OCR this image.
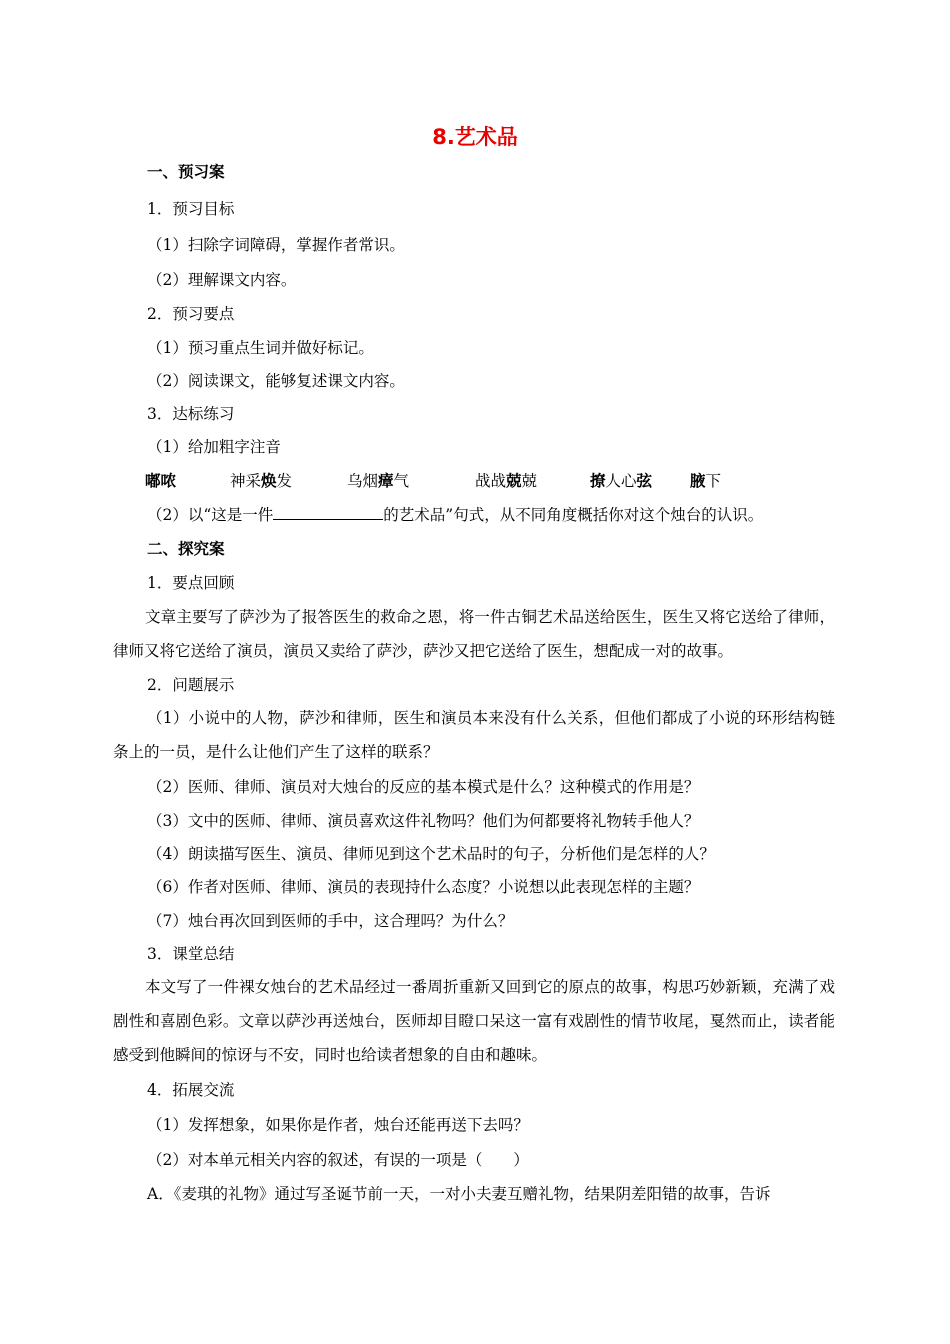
8.艺术品
一、预习案
1．预习目标
（1）扫除字词障碍，掌握作者常识。
（2）理解课文内容。
2．预习要点
（1）预习重点生词并做好标记。
（2）阅读课文，能够复述课文内容。
3．达标练习
（1）给加粗字注音
嘟哝	神采焕发	乌烟瘴气	战战兢兢	撩人心弦 腋下
（2）以“这是一件	的艺术品”句式，从不同角度概括你对这个烛台的认识。
二、探究案
1．要点回顾
文章主要写了萨沙为了报答医生的救命之恩，将一件古铜艺术品送给医生，医生又将它送给了律师，律师又将它送给了演员，演员又卖给了萨沙，萨沙又把它送给了医生，想配成一对的故事。
2．问题展示
（1）小说中的人物，萨沙和律师，医生和演员本来没有什么关系，但他们都成了小说的环形结构链条上的一员，是什么让他们产生了这样的联系？
（2）医师、律师、演员对大烛台的反应的基本模式是什么？这种模式的作用是？
（3）文中的医师、律师、演员喜欢这件礼物吗？他们为何都要将礼物转手他人？
（4）朗读描写医生、演员、律师见到这个艺术品时的句子，分析他们是怎样的人？
（6）作者对医师、律师、演员的表现持什么态度？小说想以此表现怎样的主题？
（7）烛台再次回到医师的手中，这合理吗？为什么？
3．课堂总结
本文写了一件裸女烛台的艺术品经过一番周折重新又回到它的原点的故事，构思巧妙新颖，充满了戏剧性和喜剧色彩。文章以萨沙再送烛台，医师却目瞪口呆这一富有戏剧性的情节收尾，戛然而止，读者能感受到他瞬间的惊讶与不安，同时也给读者想象的自由和趣味。
4．拓展交流
（1）发挥想象，如果你是作者，烛台还能再送下去吗？
（2）对本单元相关内容的叙述，有误的一项是（　　）
A．《麦琪的礼物》通过写圣诞节前一天，一对小夫妻互赠礼物，结果阴差阳错的故事，告诉
